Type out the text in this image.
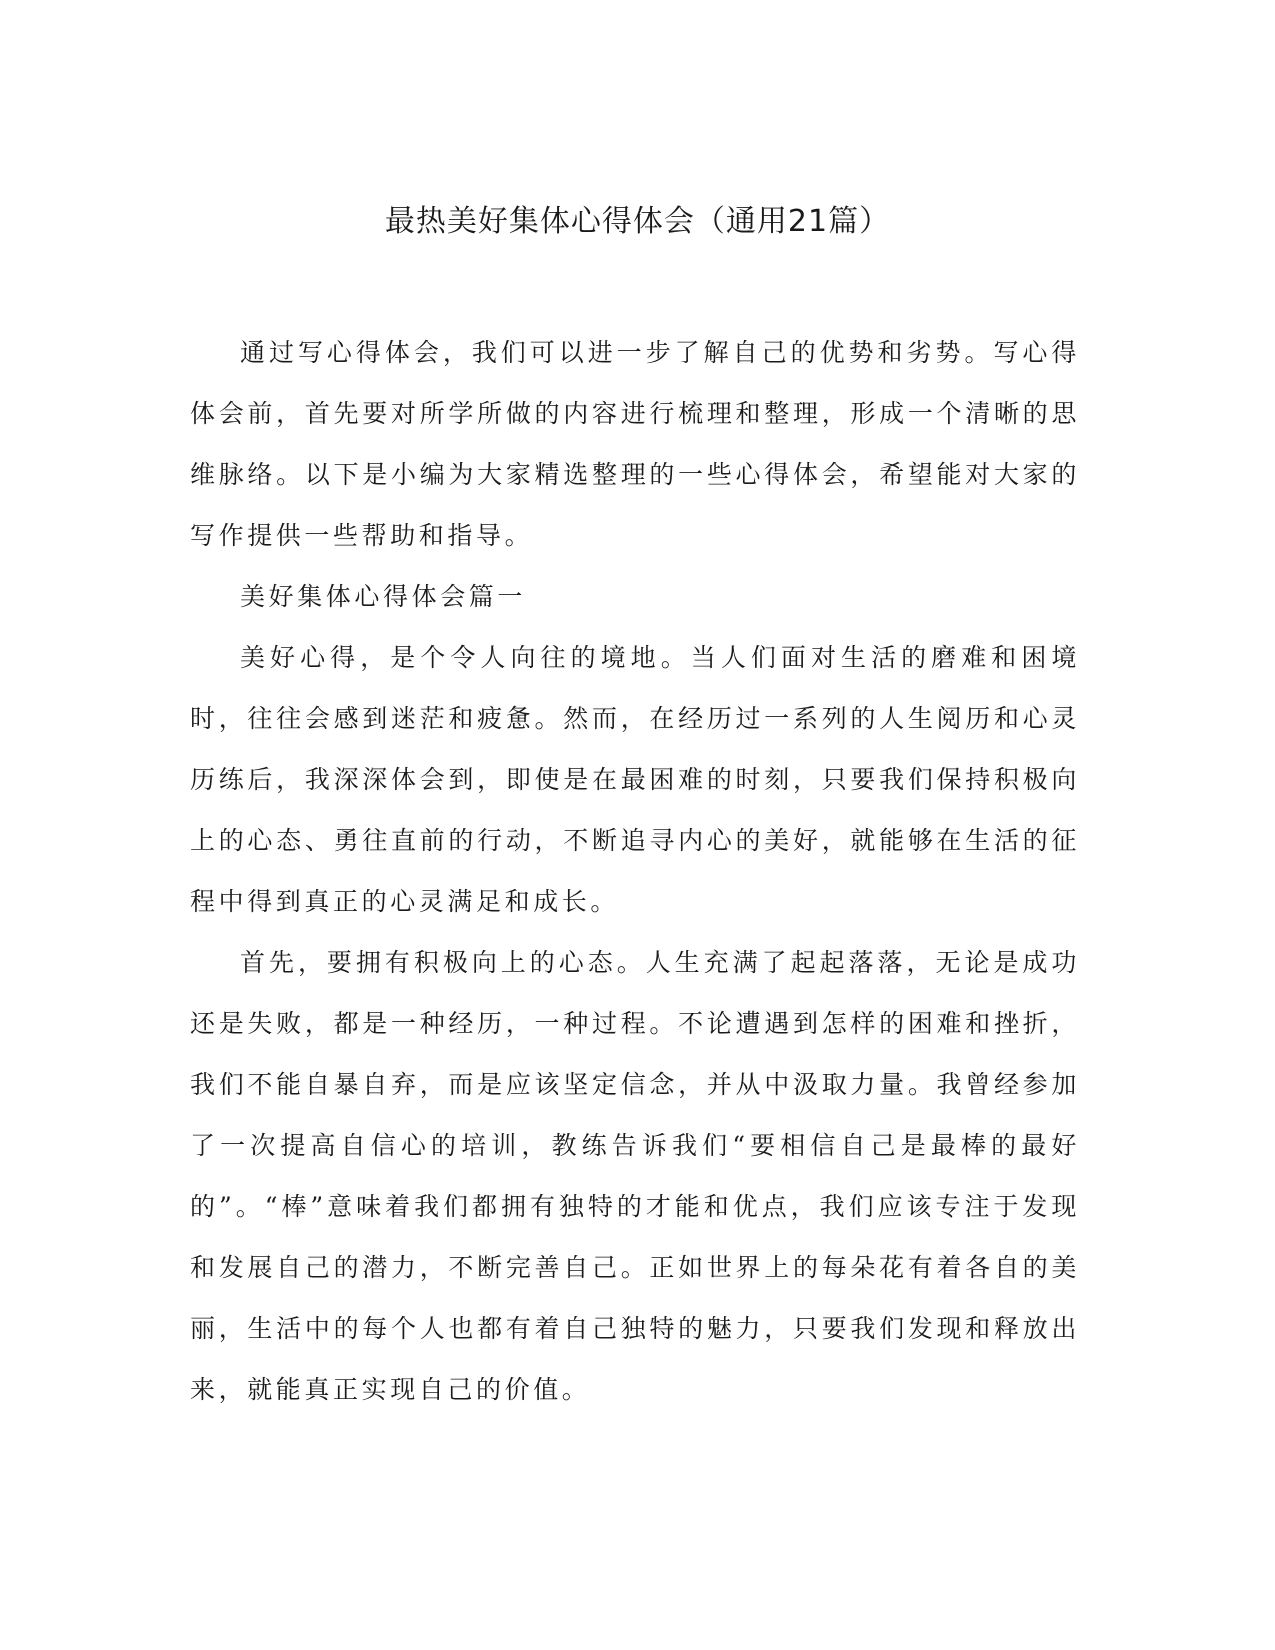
最热美好集体心得体会（通用21篇）

通过写心得体会，我们可以进一步了解自己的优势和劣势。写心得体会前，首先要对所学所做的内容进行梳理和整理，形成一个清晰的思维脉络。以下是小编为大家精选整理的一些心得体会，希望能对大家的写作提供一些帮助和指导。

美好集体心得体会篇一

美好心得，是个令人向往的境地。当人们面对生活的磨难和困境时，往往会感到迷茫和疲惫。然而，在经历过一系列的人生阅历和心灵历练后，我深深体会到，即使是在最困难的时刻，只要我们保持积极向上的心态、勇往直前的行动，不断追寻内心的美好，就能够在生活的征程中得到真正的心灵满足和成长。

首先，要拥有积极向上的心态。人生充满了起起落落，无论是成功还是失败，都是一种经历，一种过程。不论遭遇到怎样的困难和挫折，我们不能自暴自弃，而是应该坚定信念，并从中汲取力量。我曾经参加了一次提高自信心的培训，教练告诉我们“要相信自己是最棒的最好的”。“棒”意味着我们都拥有独特的才能和优点，我们应该专注于发现和发展自己的潜力，不断完善自己。正如世界上的每朵花有着各自的美丽，生活中的每个人也都有着自己独特的魅力，只要我们发现和释放出来，就能真正实现自己的价值。
